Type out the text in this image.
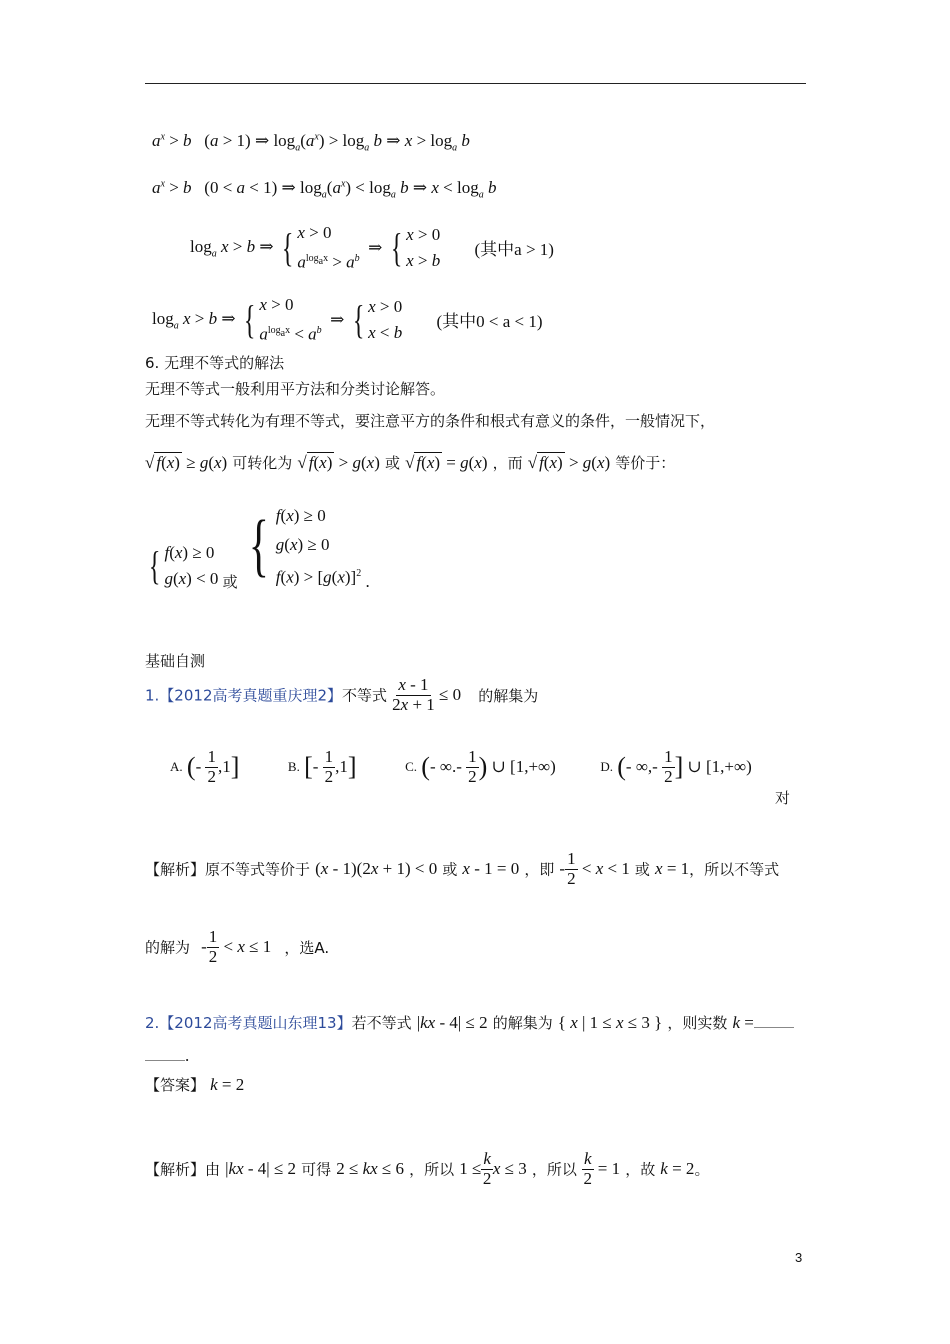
$a^x > b$   (a > 1) ⇒ $\log_a(a^x) > \log_a b$ ⇒ $x > \log_a b$
$a^x > b$   (0 < a < 1) ⇒ $\log_a(a^x) < \log_a b$ ⇒ $x < \log_a b$
$\log_a x > b$ ⇒ { x > 0
$a^{log_ax} > a^b$  ⇒ { x > 0
x > b (其中a > 1)
$\log_a x > b$ ⇒ { x > 0
$a^{log_ax} < a^b$  ⇒ { x > 0
x < b (其中0 < a < 1)
6. 无理不等式的解法
无理不等式一般利用平方法和分类讨论解答。
无理不等式转化为有理不等式，要注意平方的条件和根式有意义的条件，一般情况下，
√ f(x) ≥ g(x) 可转化为 √ f(x) > g(x) 或 √ f(x) = g(x) ，而 √ f(x) > g(x) 等价于：
{ f(x) ≥ 0
g(x) < 0 或 { f(x) ≥ 0
g(x) ≥ 0
$f(x) > [g(x)]^2$ .
基础自测
1.【2012高考真题重庆理2】不等式 $\frac{x - 1}{2x + 1} \le 0$ 的解集为
A. (- $\frac{1}{2} ,1$]	B. [- $\frac{1}{2} ,1$]	C. (- ∞.- $\frac{1}{2}$ ) ∪ [1,+∞)	D. (- ∞,- $\frac{1}{2}$ ] ∪ [1,+∞)
对
【解析】原不等式等价于 (x - 1)(2x + 1) < 0 或 x - 1 = 0 ，即 - $\frac{1}{2} < x < 1$ 或 x = 1，所以不等式
的解为 - $\frac{1}{2} < x \le 1$ ，选A.
2.【2012高考真题山东理13】若不等式 |kx - 4| ≤ 2 的解集为 { x | 1 ≤ x ≤ 3 } ，则实数 k =
.
【答案】 k = 2
【解析】由 |kx - 4| ≤ 2 可得 2 ≤ kx ≤ 6 ，所以 $1 \le \frac{k}{2}$ x ≤ 3 ，所以 $\frac{k}{2} = 1$ ，故 k = 2。
3
